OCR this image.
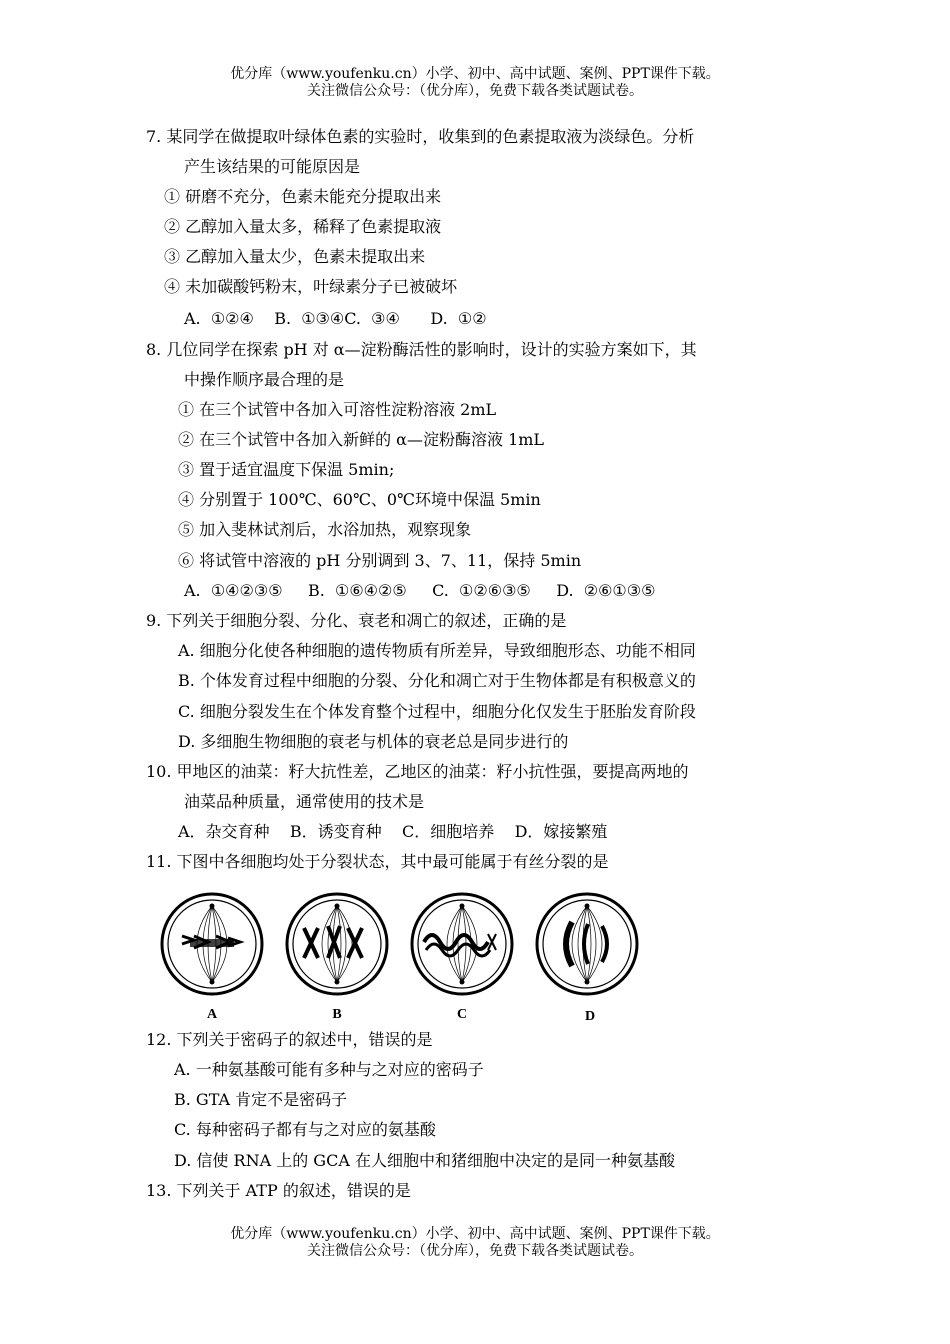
优分库（www.youfenku.cn）小学、初中、高中试题、案例、PPT课件下载。
关注微信公众号：（优分库），免费下载各类试题试卷。
7. 某同学在做提取叶绿体色素的实验时，收集到的色素提取液为淡绿色。分析
产生该结果的可能原因是
① 研磨不充分，色素未能充分提取出来
② 乙醇加入量太多，稀释了色素提取液
③ 乙醇加入量太少，色素未提取出来
④ 未加碳酸钙粉末，叶绿素分子已被破坏
A.  ①②④    B.  ①③④C.  ③④      D.  ①②
8. 几位同学在探索 pH 对 α—淀粉酶活性的影响时，设计的实验方案如下，其
中操作顺序最合理的是
① 在三个试管中各加入可溶性淀粉溶液 2mL
② 在三个试管中各加入新鲜的 α—淀粉酶溶液 1mL
③ 置于适宜温度下保温 5min;
④ 分别置于 100℃、60℃、0℃环境中保温 5min
⑤ 加入斐林试剂后，水浴加热，观察现象
⑥ 将试管中溶液的 pH 分别调到 3、7、11，保持 5min
A.  ①④②③⑤     B.  ①⑥④②⑤     C.  ①②⑥③⑤     D.  ②⑥①③⑤
9. 下列关于细胞分裂、分化、衰老和凋亡的叙述，正确的是
A. 细胞分化使各种细胞的遗传物质有所差异，导致细胞形态、功能不相同
B. 个体发育过程中细胞的分裂、分化和凋亡对于生物体都是有积极意义的
C. 细胞分裂发生在个体发育整个过程中，细胞分化仅发生于胚胎发育阶段
D. 多细胞生物细胞的衰老与机体的衰老总是同步进行的
10. 甲地区的油菜：籽大抗性差，乙地区的油菜：籽小抗性强，要提高两地的
油菜品种质量，通常使用的技术是
A．杂交育种    B．诱变育种    C．细胞培养    D．嫁接繁殖
11. 下图中各细胞均处于分裂状态，其中最可能属于有丝分裂的是
A	B	C	D
12. 下列关于密码子的叙述中，错误的是
A. 一种氨基酸可能有多种与之对应的密码子
B. GTA 肯定不是密码子
C. 每种密码子都有与之对应的氨基酸
D. 信使 RNA 上的 GCA 在人细胞中和猪细胞中决定的是同一种氨基酸
13. 下列关于 ATP 的叙述，错误的是
优分库（www.youfenku.cn）小学、初中、高中试题、案例、PPT课件下载。
关注微信公众号：（优分库），免费下载各类试题试卷。
